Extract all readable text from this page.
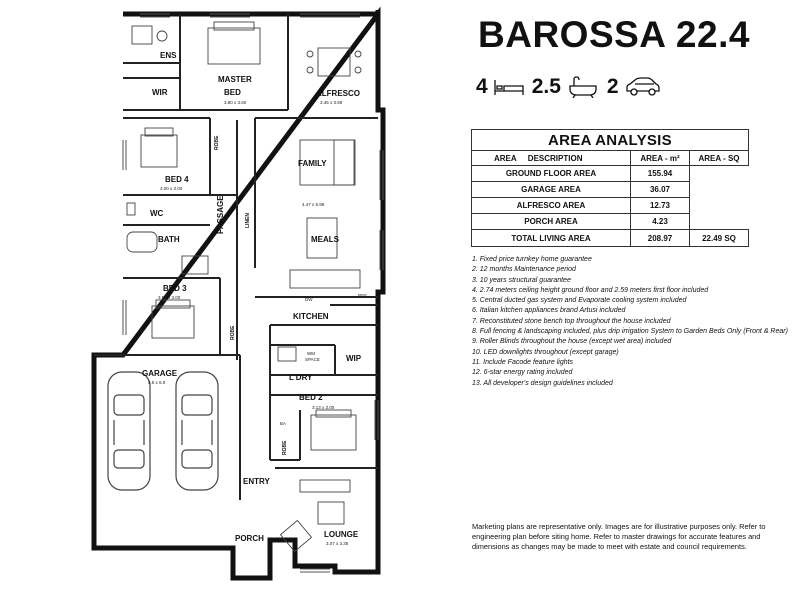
ENS
WIR
MASTER
BED
3.80 x 3.60
ALFRESCO
3.45 x 3.69
BED 4
3.00 x 3.00
FAMILY
4.47 x 5.98
MEALS
WC
BATH
PASSAGE	LINEN
ROBE
BED 3
3.51 x 3.00
ROBE
KITCHEN
DW
REF
WM
SPACE
L'DRY
WIP
GARAGE
5.5 x 6.0
BED 2
3.13 x 3.00
BA
ROBE
ENTRY
PORCH	LOUNGE
3.07 x 3.35
BAROSSA 22.4
4 2.5 2
AREA ANALYSIS		
AREA DESCRIPTION	AREA - m²	AREA - SQ
GROUND FLOOR AREA	155.94	
GARAGE AREA	36.07	
ALFRESCO AREA	12.73	
PORCH AREA	4.23	
TOTAL LIVING AREA	208.97	22.49 SQ
1. Fixed price turnkey home guarantee
2. 12 months Maintenance period
3. 10 years structural guarantee
4. 2.74 meters ceiling height ground floor and 2.59 meters first floor included
5. Central ducted gas system and Evaporate cooling system included
6. Italian kitchen appliances brand Artusi included
7. Reconstituted stone bench top throughout the house included
8. Full fencing & landscaping included, plus drip irrigation System to Garden Beds Only (Front & Rear)
9. Roller Blinds throughout the house (except wet area) included
10. LED downlights throughout (except garage)
11. Include Facode feature lights
12. 6-star energy rating included
13. All developer's design guidelines included
Marketing plans are representative only. Images are for illustrative purposes only. Refer to engineering plan before siting home. Refer to master drawings for accurate features and dimensions as changes may be made to meet with estate and council requirements.
